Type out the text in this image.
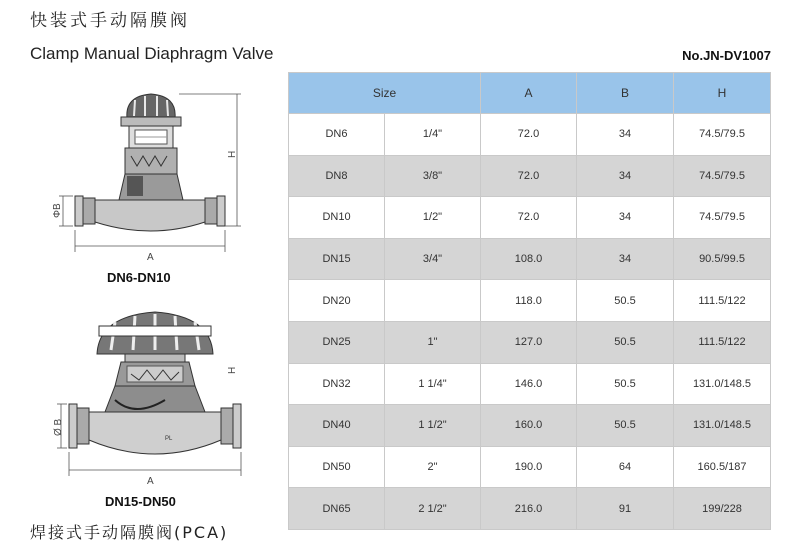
快装式手动隔膜阀
Clamp Manual Diaphragm Valve	No.JN-DV1007
A
ΦB
H
DN6-DN10
PL
A
Ø B
H
DN15-DN50
Size		A	B	H
DN6	1/4"	72.0	34	74.5/79.5
DN8	3/8"	72.0	34	74.5/79.5
DN10	1/2"	72.0	34	74.5/79.5
DN15	3/4"	108.0	34	90.5/99.5
DN20		118.0	50.5	111.5/122
DN25	1"	127.0	50.5	111.5/122
DN32	1 1/4"	146.0	50.5	131.0/148.5
DN40	1 1/2"	160.0	50.5	131.0/148.5
DN50	2"	190.0	64	160.5/187
DN65	2 1/2"	216.0	91	199/228
焊接式手动隔膜阀(PCA)
